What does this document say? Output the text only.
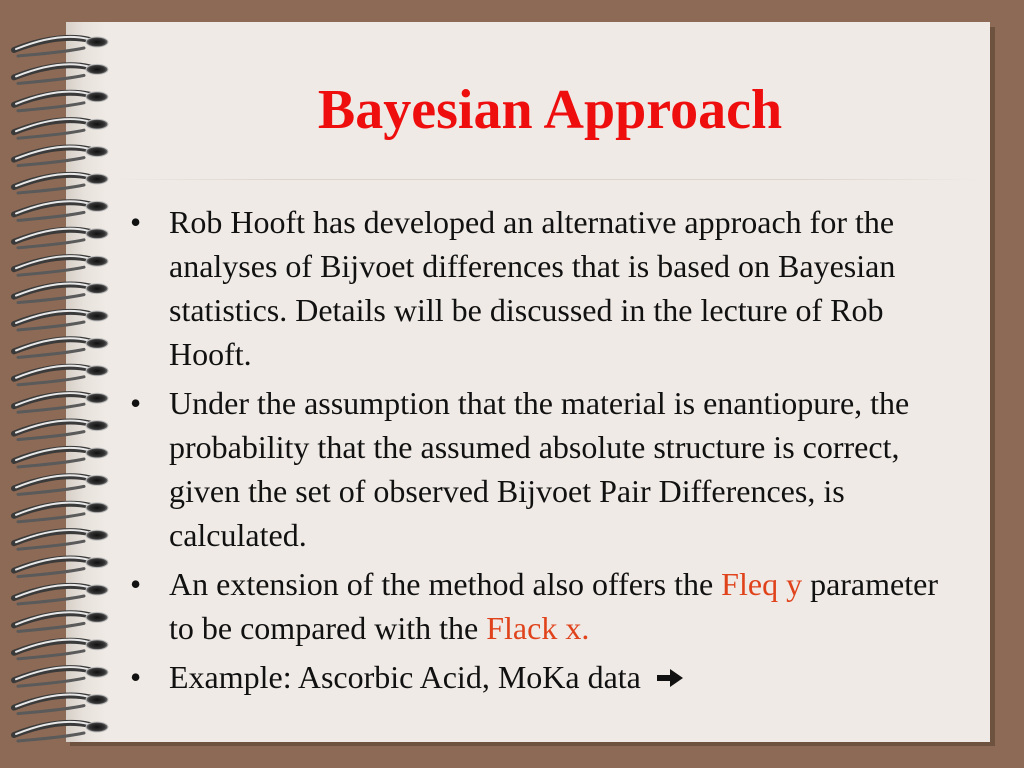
Bayesian Approach
• Rob Hooft has developed an alternative approach for the analyses of Bijvoet differences that is based on Bayesian statistics. Details will be discussed in the lecture of Rob Hooft.
• Under the assumption that the material is enantiopure, the probability that the assumed absolute structure is correct, given the set of observed Bijvoet Pair Differences, is calculated.
• An extension of the method also offers the Fleq y parameter to be compared with the Flack x.
• Example: Ascorbic Acid, MoKa data
